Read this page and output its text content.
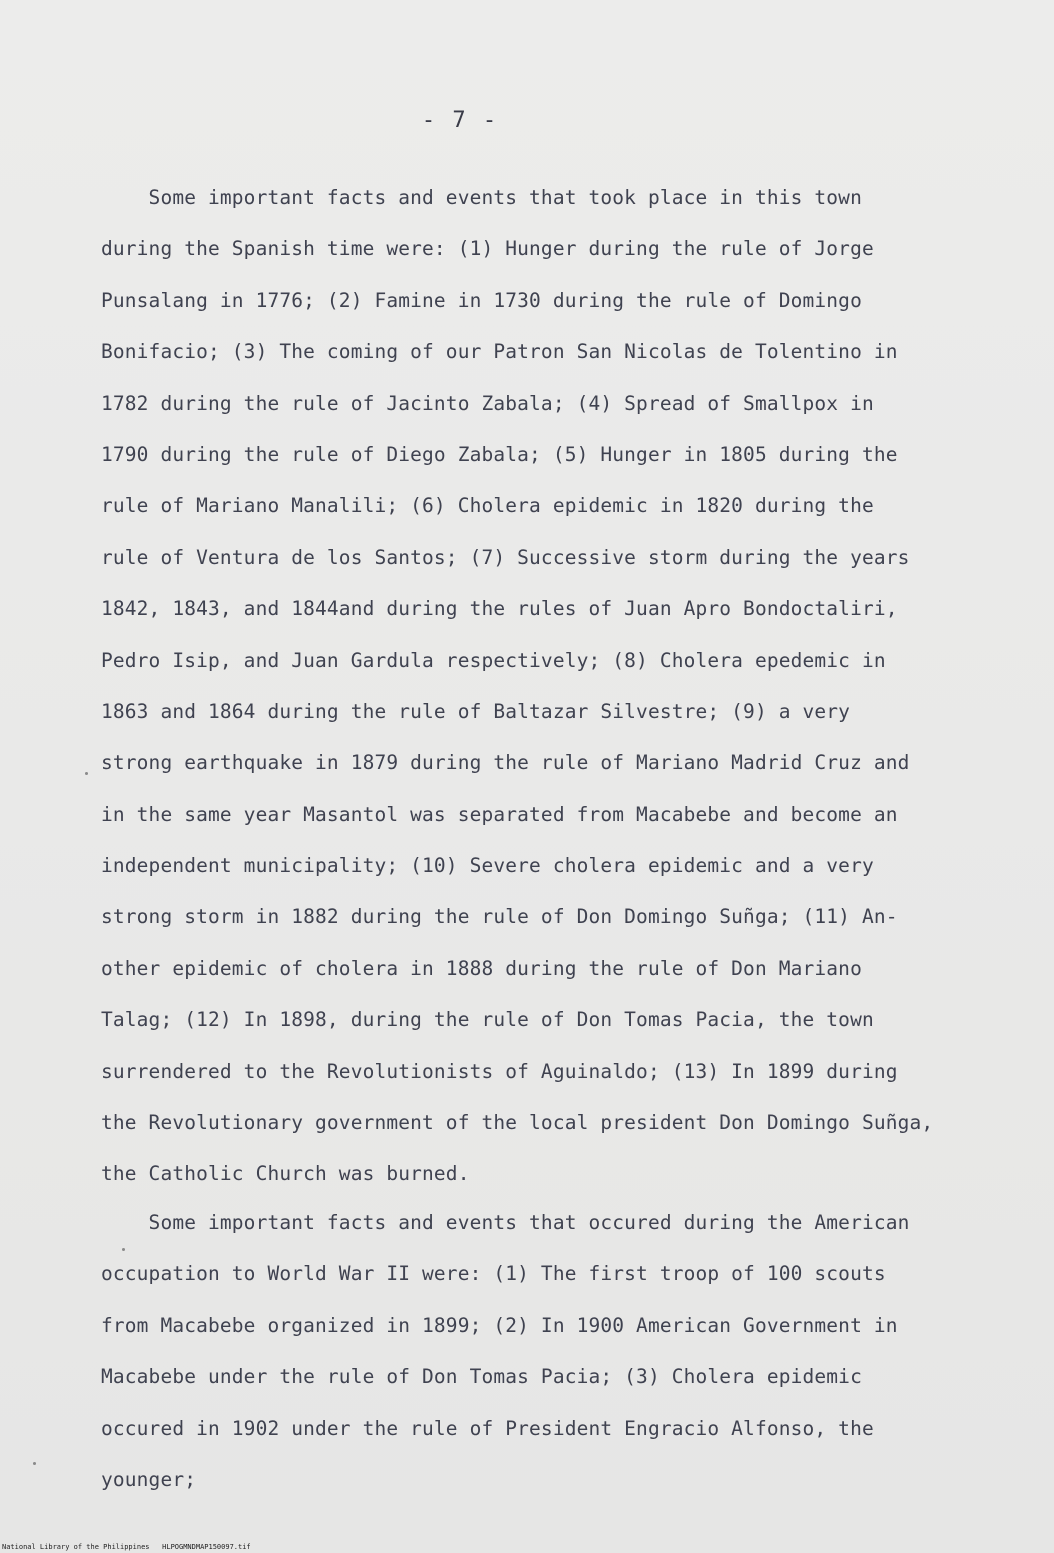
- 7 -
Some important facts and events that took place in this town
during the Spanish time were: (1) Hunger during the rule of Jorge
Punsalang in 1776; (2) Famine in 1730 during the rule of Domingo
Bonifacio; (3) The coming of our Patron San Nicolas de Tolentino in
1782 during the rule of Jacinto Zabala; (4) Spread of Smallpox in
1790 during the rule of Diego Zabala; (5) Hunger in 1805 during the
rule of Mariano Manalili; (6) Cholera epidemic in 1820 during the
rule of Ventura de los Santos; (7) Successive storm during the years
1842, 1843, and 1844and during the rules of Juan Apro Bondoctaliri,
Pedro Isip, and Juan Gardula respectively; (8) Cholera epedemic in
1863 and 1864 during the rule of Baltazar Silvestre; (9) a very
strong earthquake in 1879 during the rule of Mariano Madrid Cruz and
in the same year Masantol was separated from Macabebe and become an
independent municipality; (10) Severe cholera epidemic and a very
strong storm in 1882 during the rule of Don Domingo Suñga; (11) An-
other epidemic of cholera in 1888 during the rule of Don Mariano
Talag; (12) In 1898, during the rule of Don Tomas Pacia, the town
surrendered to the Revolutionists of Aguinaldo; (13) In 1899 during
the Revolutionary government of the local president Don Domingo Suñga,
the Catholic Church was burned.
Some important facts and events that occured during the American
occupation to World War II were: (1) The first troop of 100 scouts
from Macabebe organized in 1899; (2) In 1900 American Government in
Macabebe under the rule of Don Tomas Pacia; (3) Cholera epidemic
occured in 1902 under the rule of President Engracio Alfonso, the
younger;
National Library of the Philippines   HLPOGMNDMAP150097.tif
